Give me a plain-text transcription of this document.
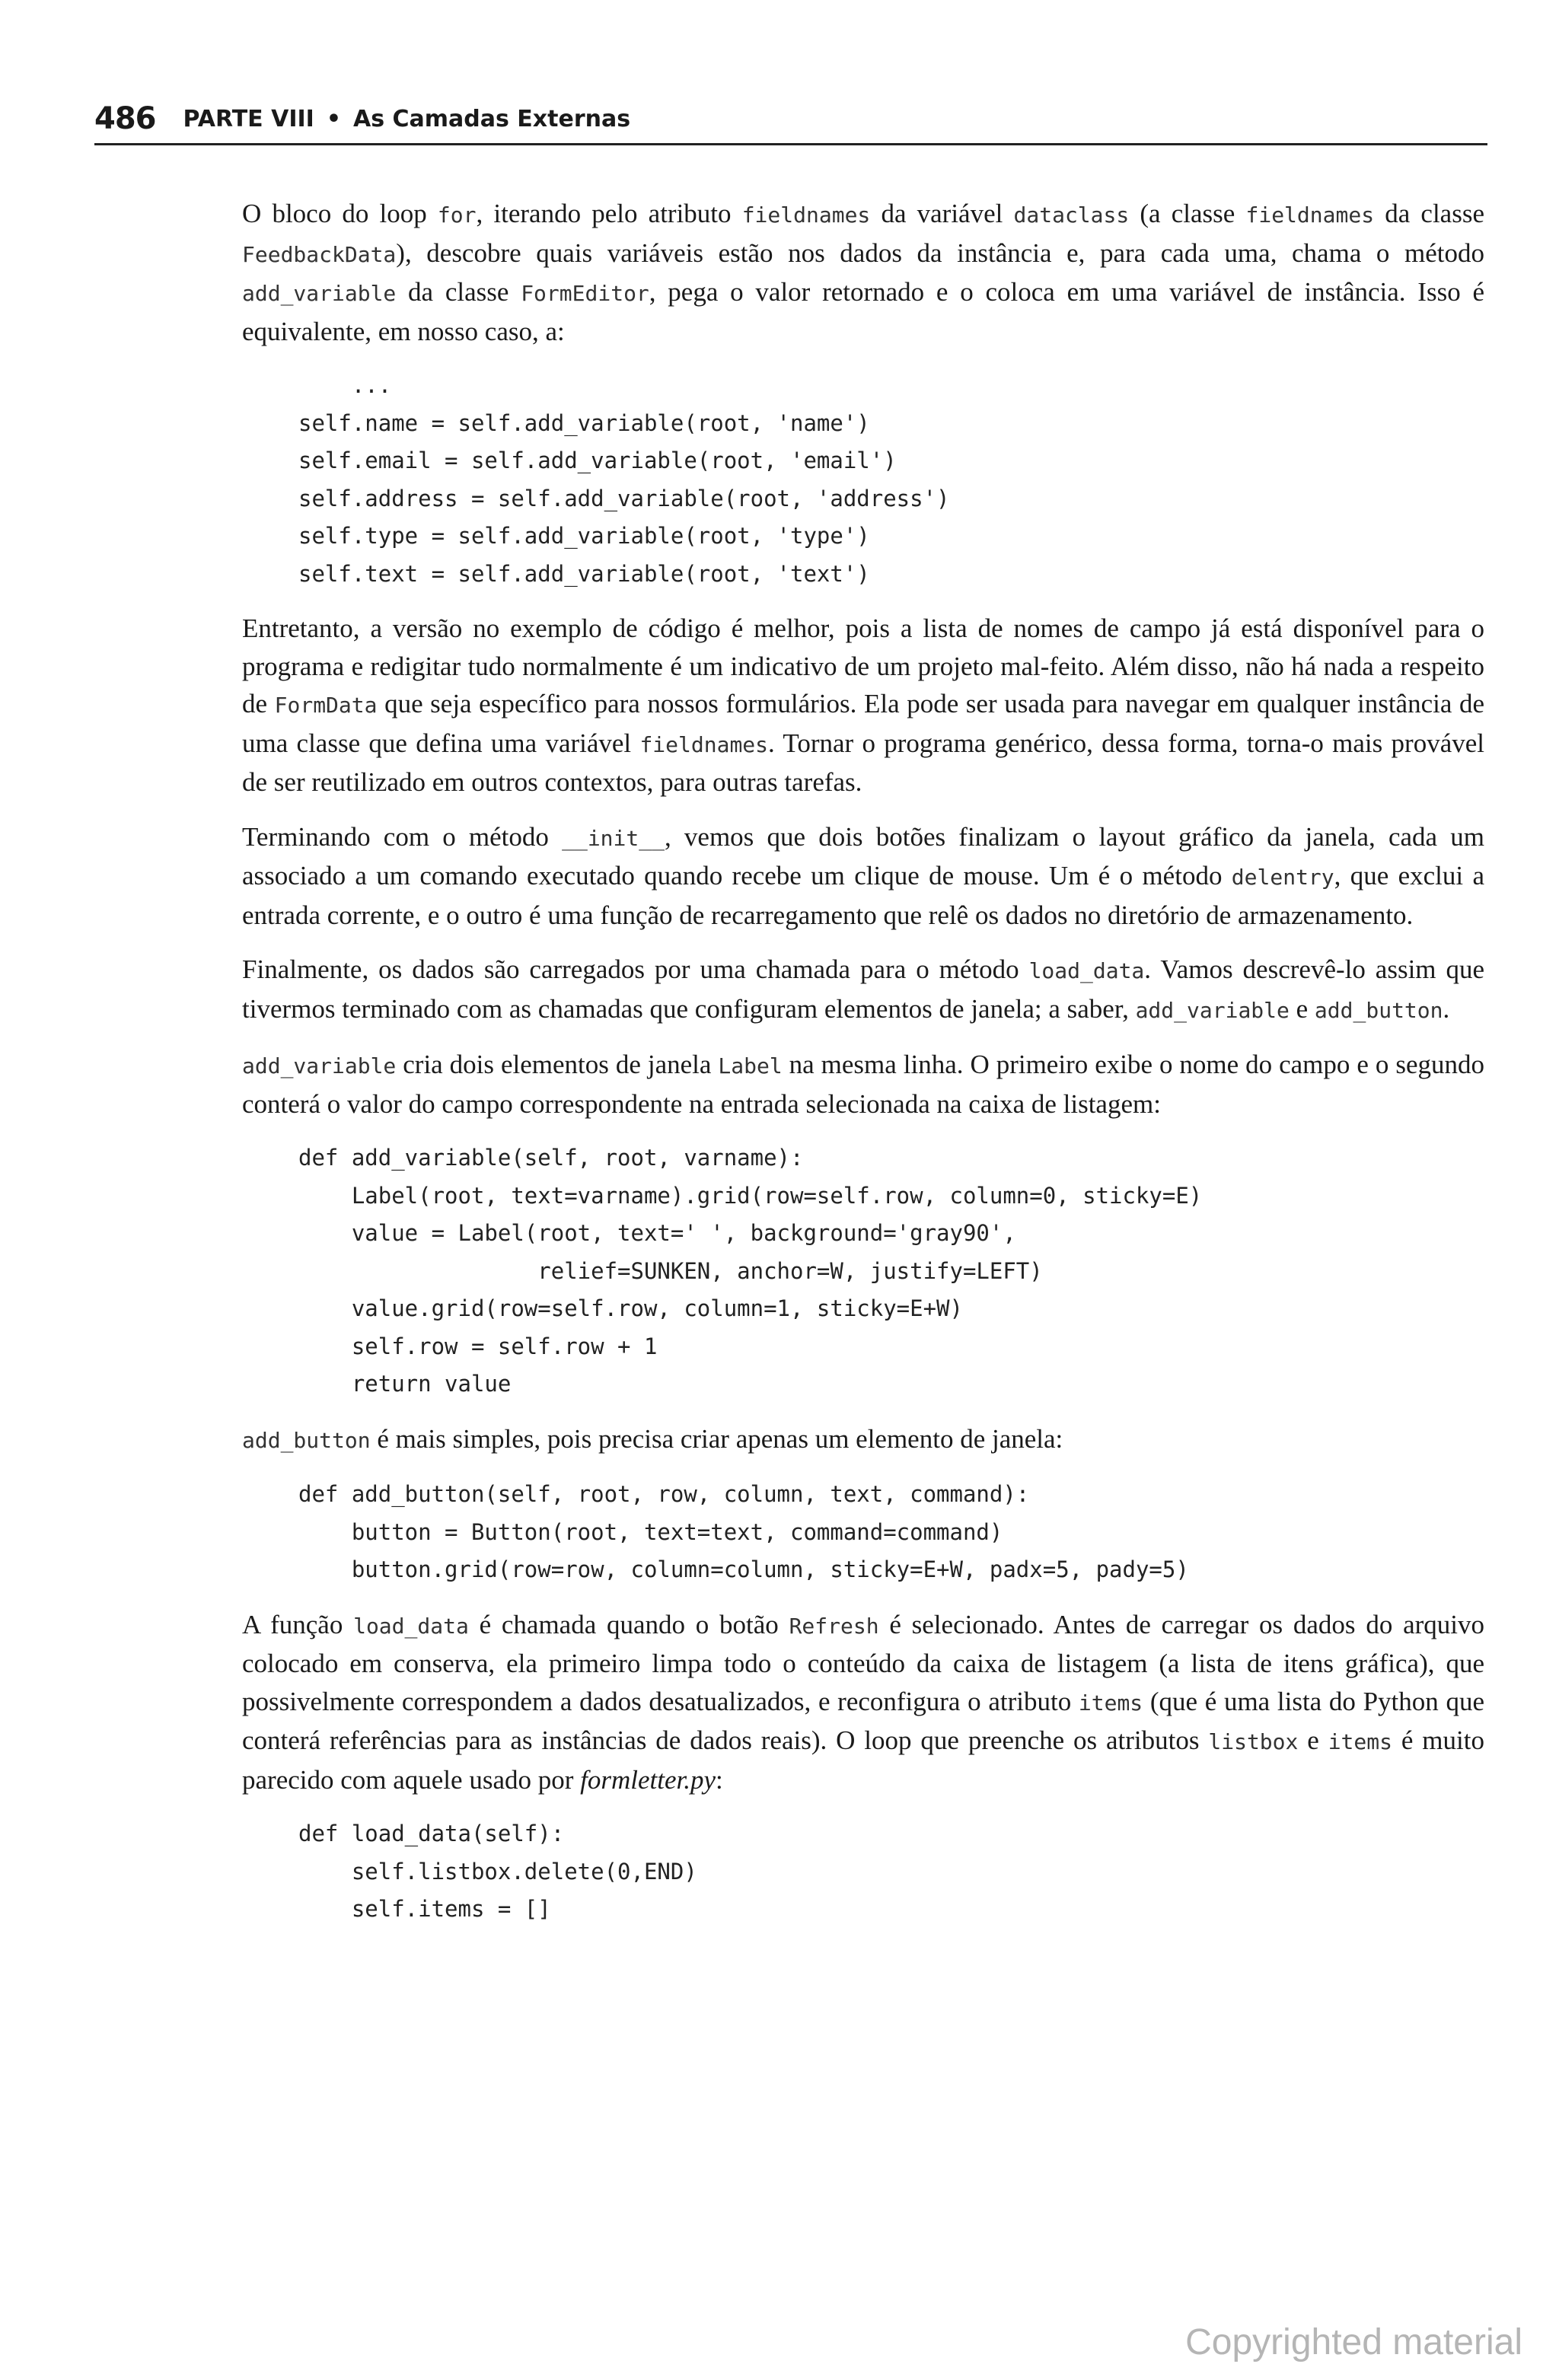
486 PARTE VIII • As Camadas Externas

O bloco do loop for, iterando pelo atributo fieldnames da variável dataclass (a classe fieldnames da classe FeedbackData), descobre quais variáveis estão nos dados da instância e, para cada uma, chama o método add_variable da classe FormEditor, pega o valor retornado e o coloca em uma variável de instância. Isso é equivalente, em nosso caso, a:

...
self.name = self.add_variable(root, 'name')
self.email = self.add_variable(root, 'email')
self.address = self.add_variable(root, 'address')
self.type = self.add_variable(root, 'type')
self.text = self.add_variable(root, 'text')

Entretanto, a versão no exemplo de código é melhor, pois a lista de nomes de campo já está disponível para o programa e redigitar tudo normalmente é um indicativo de um projeto mal-feito. Além disso, não há nada a respeito de FormData que seja específico para nossos formulários. Ela pode ser usada para navegar em qualquer instância de uma classe que defina uma variável fieldnames. Tornar o programa genérico, dessa forma, torna-o mais provável de ser reutilizado em outros contextos, para outras tarefas.

Terminando com o método __init__, vemos que dois botões finalizam o layout gráfico da janela, cada um associado a um comando executado quando recebe um clique de mouse. Um é o método delentry, que exclui a entrada corrente, e o outro é uma função de recarregamento que relê os dados no diretório de armazenamento.

Finalmente, os dados são carregados por uma chamada para o método load_data. Vamos descrevê-lo assim que tivermos terminado com as chamadas que configuram elementos de janela; a saber, add_variable e add_button.

add_variable cria dois elementos de janela Label na mesma linha. O primeiro exibe o nome do campo e o segundo conterá o valor do campo correspondente na entrada selecionada na caixa de listagem:

def add_variable(self, root, varname):
Label(root, text=varname).grid(row=self.row, column=0, sticky=E)
value = Label(root, text=' ', background='gray90',
relief=SUNKEN, anchor=W, justify=LEFT)
value.grid(row=self.row, column=1, sticky=E+W)
self.row = self.row + 1
return value

add_button é mais simples, pois precisa criar apenas um elemento de janela:

def add_button(self, root, row, column, text, command):
button = Button(root, text=text, command=command)
button.grid(row=row, column=column, sticky=E+W, padx=5, pady=5)

A função load_data é chamada quando o botão Refresh é selecionado. Antes de carregar os dados do arquivo colocado em conserva, ela primeiro limpa todo o conteúdo da caixa de listagem (a lista de itens gráfica), que possivelmente correspondem a dados desatualizados, e reconfigura o atributo items (que é uma lista do Python que conterá referências para as instâncias de dados reais). O loop que preenche os atributos listbox e items é muito parecido com aquele usado por formletter.py:

def load_data(self):
self.listbox.delete(0,END)
self.items = []
Copyrighted material
